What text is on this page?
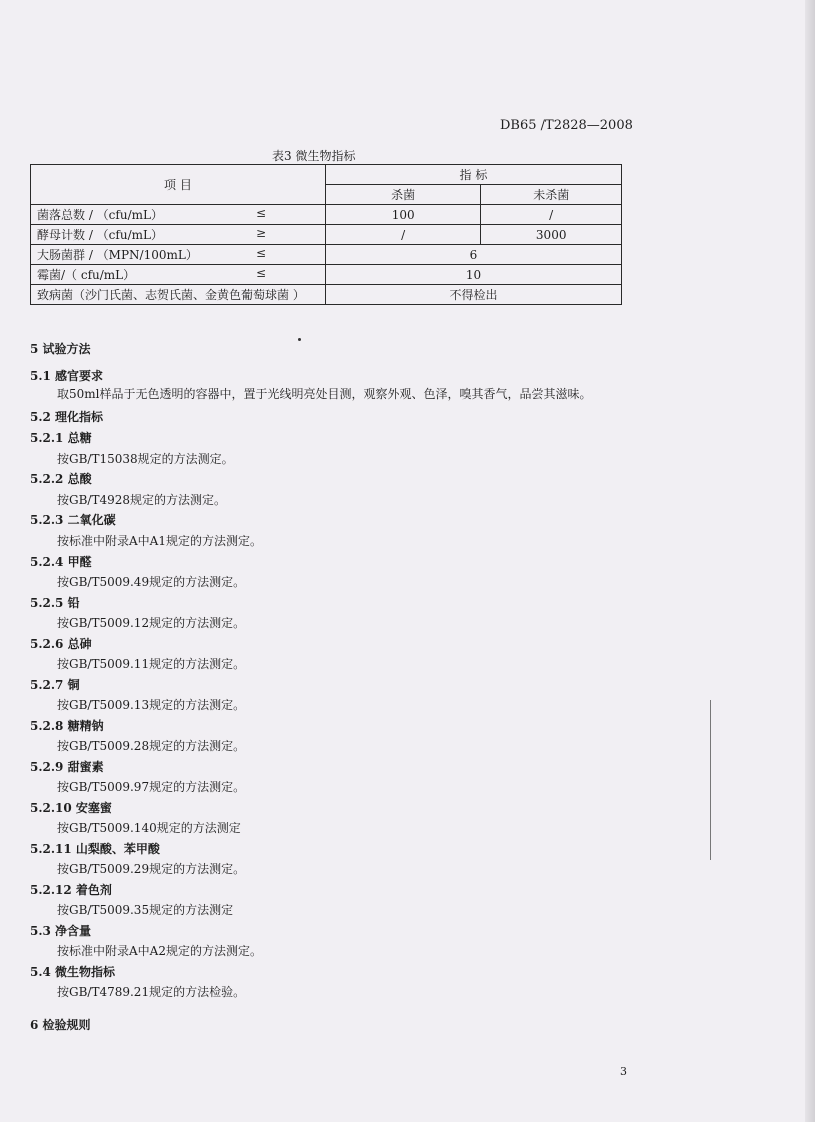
DB65 /T2828—2008
表3 微生物指标
项 目	指 标	
	杀菌	未杀菌
菌落总数 / （cfu/mL） ≤	100	/
酵母计数 / （cfu/mL） ≥	/	3000
大肠菌群 / （MPN/100mL） ≤	6	
霉菌/（ cfu/mL） ≤	10	
致病菌（沙门氏菌、志贺氏菌、金黄色葡萄球菌 ）	不得检出	
5 试验方法
5.1 感官要求
取50ml样品于无色透明的容器中，置于光线明亮处目测，观察外观、色泽，嗅其香气，品尝其滋味。
5.2 理化指标
5.2.1 总糖
按GB/T15038规定的方法测定。
5.2.2 总酸
按GB/T4928规定的方法测定。
5.2.3 二氧化碳
按标准中附录A中A1规定的方法测定。
5.2.4 甲醛
按GB/T5009.49规定的方法测定。
5.2.5 铅
按GB/T5009.12规定的方法测定。
5.2.6 总砷
按GB/T5009.11规定的方法测定。
5.2.7 铜
按GB/T5009.13规定的方法测定。
5.2.8 糖精钠
按GB/T5009.28规定的方法测定。
5.2.9 甜蜜素
按GB/T5009.97规定的方法测定。
5.2.10 安塞蜜
按GB/T5009.140规定的方法测定
5.2.11 山梨酸、苯甲酸
按GB/T5009.29规定的方法测定。
5.2.12 着色剂
按GB/T5009.35规定的方法测定
5.3 净含量
按标准中附录A中A2规定的方法测定。
5.4 微生物指标
按GB/T4789.21规定的方法检验。
6 检验规则
3
